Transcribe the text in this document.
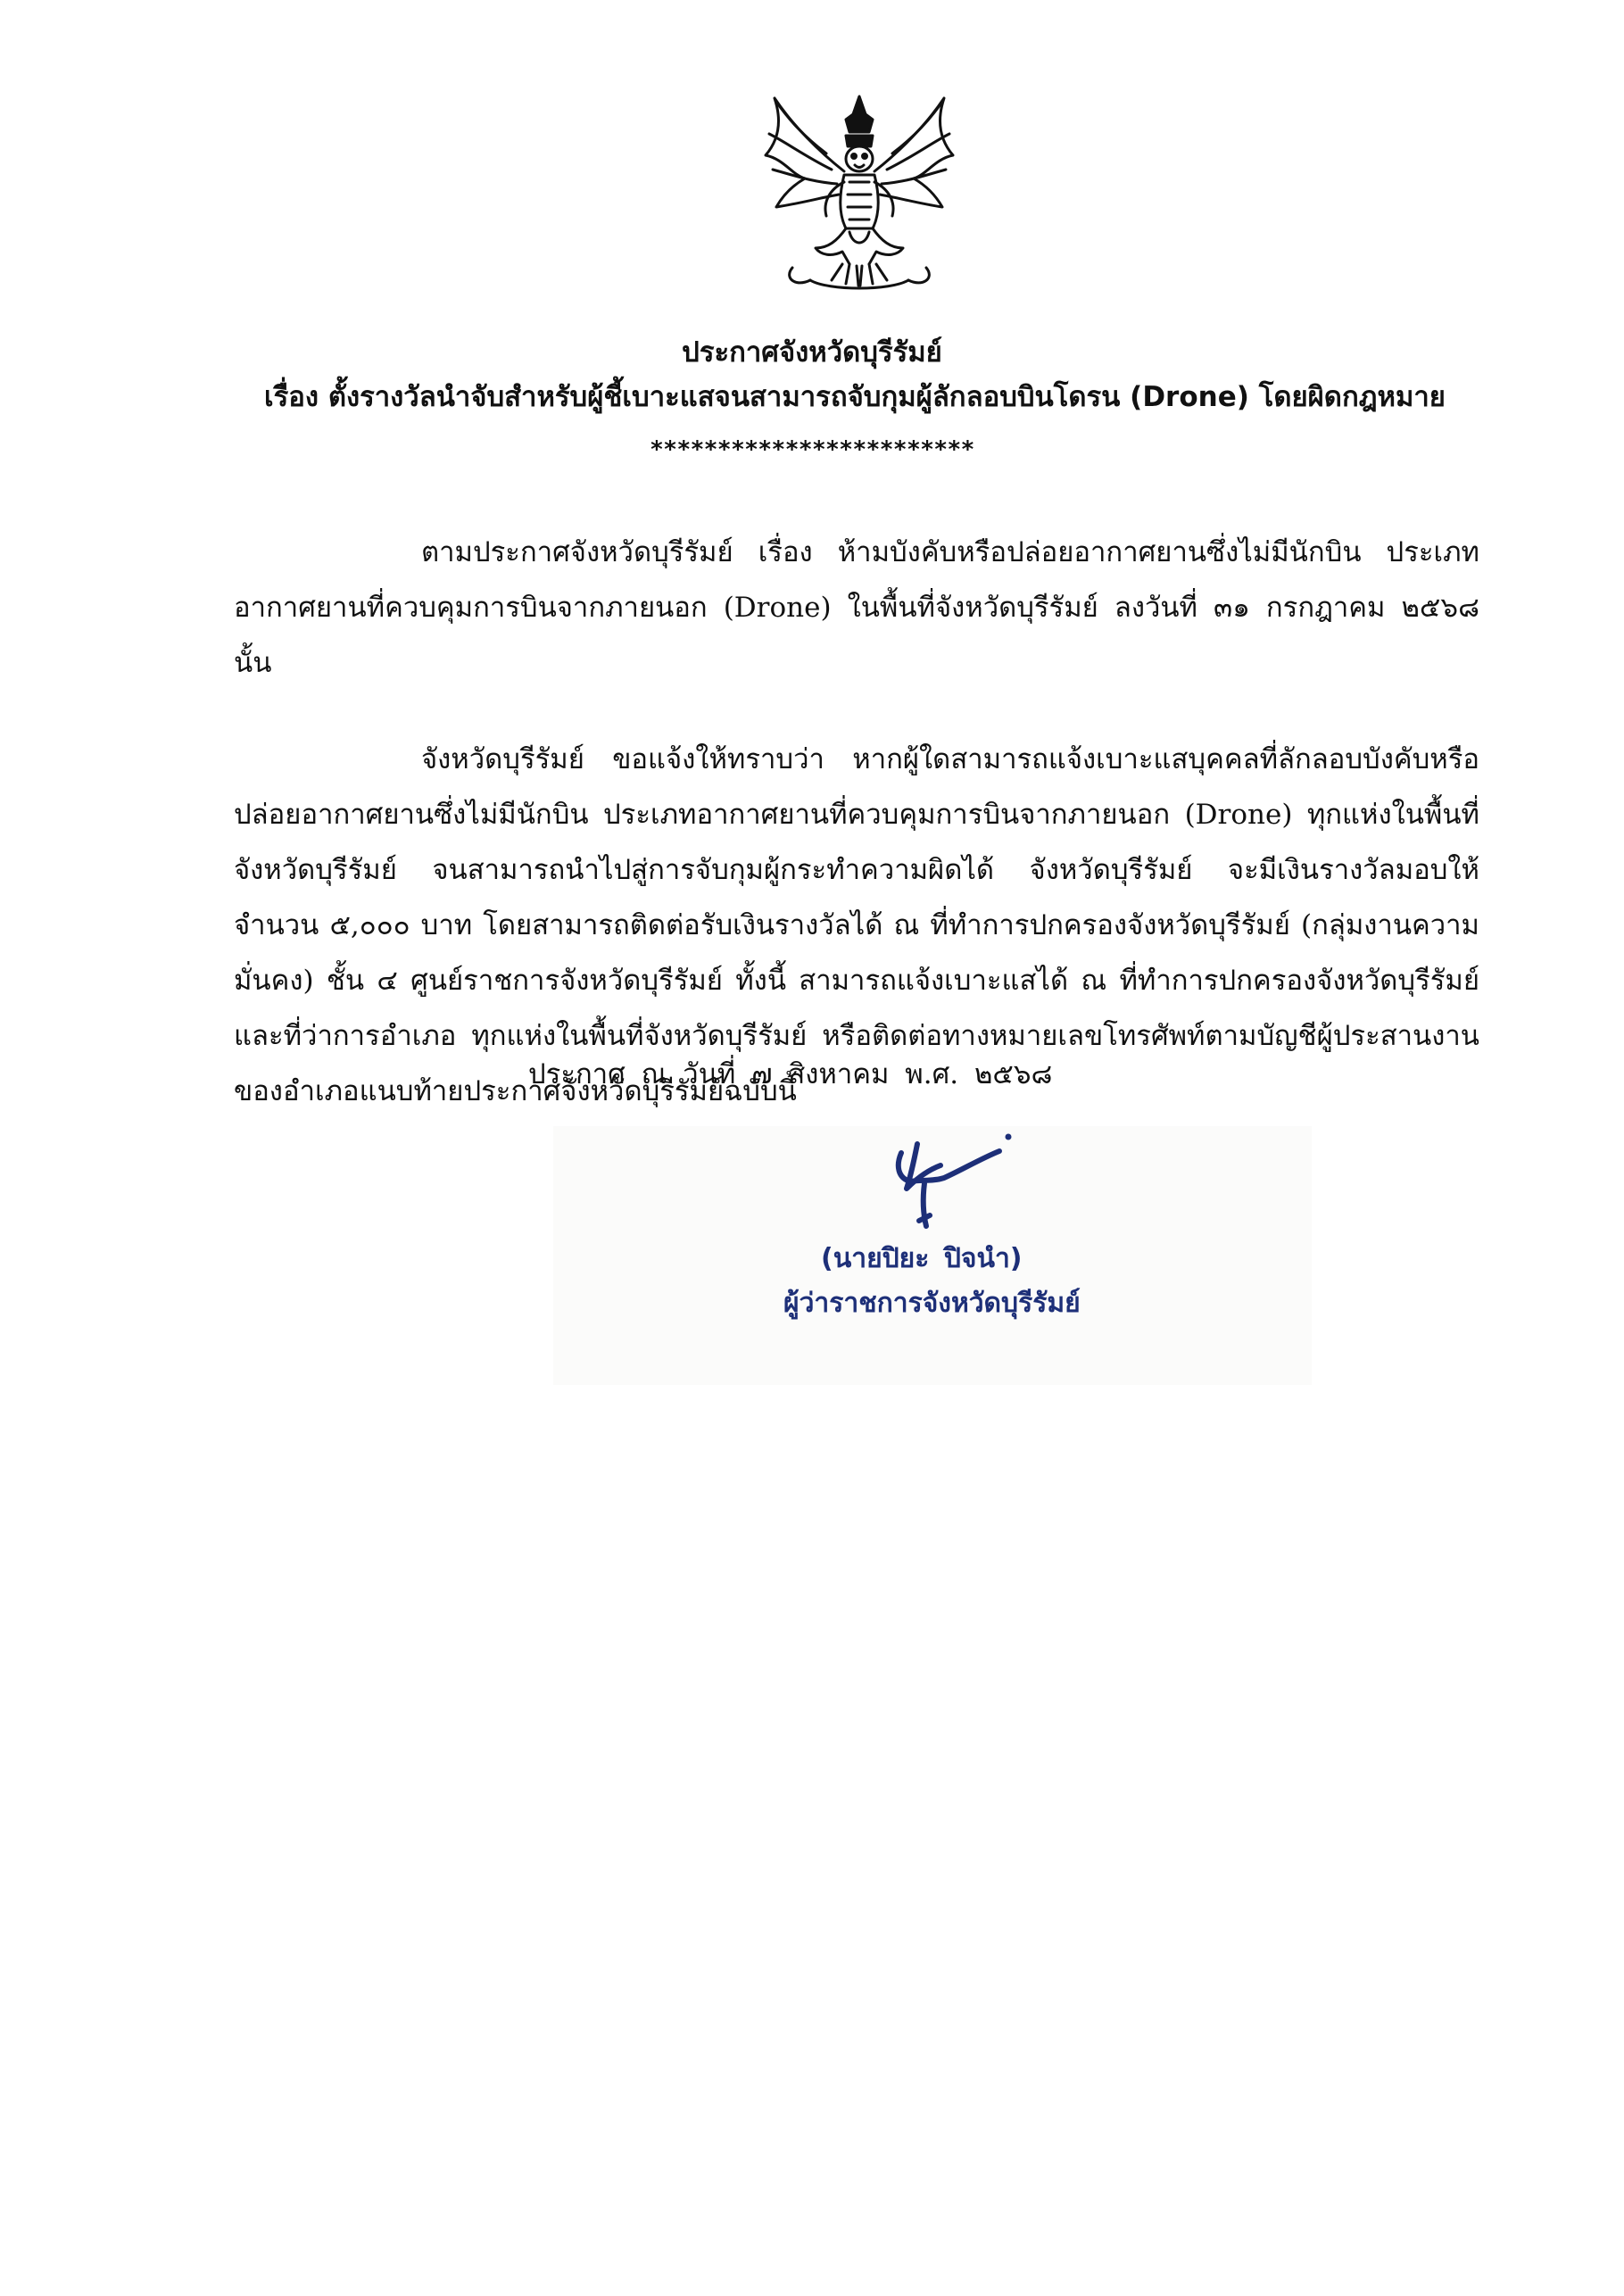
ประกาศจังหวัดบุรีรัมย์
เรื่อง ตั้งรางวัลนำจับสำหรับผู้ชี้เบาะแสจนสามารถจับกุมผู้ลักลอบบินโดรน (Drone) โดยผิดกฎหมาย
************************

ตามประกาศจังหวัดบุรีรัมย์ เรื่อง ห้ามบังคับหรือปล่อยอากาศยานซึ่งไม่มีนักบิน ประเภทอากาศยานที่ควบคุมการบินจากภายนอก (Drone) ในพื้นที่จังหวัดบุรีรัมย์ ลงวันที่ ๓๑ กรกฎาคม ๒๕๖๘ นั้น

จังหวัดบุรีรัมย์ ขอแจ้งให้ทราบว่า หากผู้ใดสามารถแจ้งเบาะแสบุคคลที่ลักลอบบังคับหรือปล่อยอากาศยานซึ่งไม่มีนักบิน ประเภทอากาศยานที่ควบคุมการบินจากภายนอก (Drone) ทุกแห่งในพื้นที่จังหวัดบุรีรัมย์ จนสามารถนำไปสู่การจับกุมผู้กระทำความผิดได้ จังหวัดบุรีรัมย์ จะมีเงินรางวัลมอบให้จำนวน ๕,๐๐๐ บาท โดยสามารถติดต่อรับเงินรางวัลได้ ณ ที่ทำการปกครองจังหวัดบุรีรัมย์ (กลุ่มงานความมั่นคง) ชั้น ๔ ศูนย์ราชการจังหวัดบุรีรัมย์ ทั้งนี้ สามารถแจ้งเบาะแสได้ ณ ที่ทำการปกครองจังหวัดบุรีรัมย์ และที่ว่าการอำเภอ ทุกแห่งในพื้นที่จังหวัดบุรีรัมย์ หรือติดต่อทางหมายเลขโทรศัพท์ตามบัญชีผู้ประสานงานของอำเภอแนบท้ายประกาศจังหวัดบุรีรัมย์ฉบับนี้

ประกาศ ณ วันที่ ๗ สิงหาคม พ.ศ. ๒๕๖๘
(นายปิยะ ปิจนำ)
ผู้ว่าราชการจังหวัดบุรีรัมย์
